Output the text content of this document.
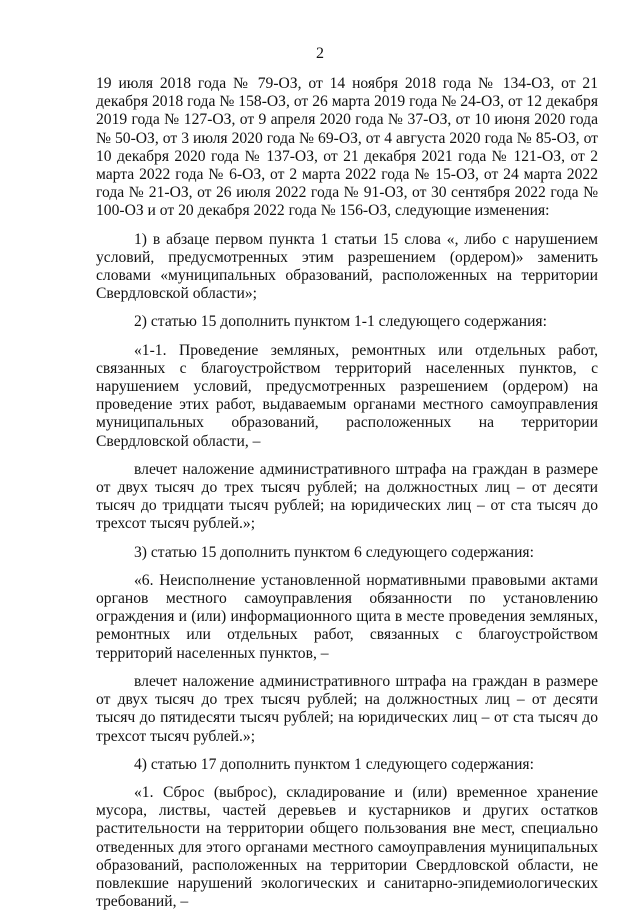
2

19 июля 2018 года № 79-ОЗ, от 14 ноября 2018 года № 134-ОЗ, от 21 декабря 2018 года № 158-ОЗ, от 26 марта 2019 года № 24-ОЗ, от 12 декабря 2019 года № 127-ОЗ, от 9 апреля 2020 года № 37-ОЗ, от 10 июня 2020 года № 50-ОЗ, от 3 июля 2020 года № 69-ОЗ, от 4 августа 2020 года № 85-ОЗ, от 10 декабря 2020 года № 137-ОЗ, от 21 декабря 2021 года № 121-ОЗ, от 2 марта 2022 года № 6-ОЗ, от 2 марта 2022 года № 15-ОЗ, от 24 марта 2022 года № 21-ОЗ, от 26 июля 2022 года № 91-ОЗ, от 30 сентября 2022 года № 100-ОЗ и от 20 декабря 2022 года № 156-ОЗ, следующие изменения:

1) в абзаце первом пункта 1 статьи 15 слова «, либо с нарушением условий, предусмотренных этим разрешением (ордером)» заменить словами «муниципальных образований, расположенных на территории Свердловской области»;

2) статью 15 дополнить пунктом 1-1 следующего содержания:

«1-1. Проведение земляных, ремонтных или отдельных работ, связанных с благоустройством территорий населенных пунктов, с нарушением условий, предусмотренных разрешением (ордером) на проведение этих работ, выдаваемым органами местного самоуправления муниципальных образований, расположенных на территории Свердловской области, –

влечет наложение административного штрафа на граждан в размере от двух тысяч до трех тысяч рублей; на должностных лиц – от десяти тысяч до тридцати тысяч рублей; на юридических лиц – от ста тысяч до трехсот тысяч рублей.»;

3) статью 15 дополнить пунктом 6 следующего содержания:

«6. Неисполнение установленной нормативными правовыми актами органов местного самоуправления обязанности по установлению ограждения и (или) информационного щита в месте проведения земляных, ремонтных или отдельных работ, связанных с благоустройством территорий населенных пунктов, –

влечет наложение административного штрафа на граждан в размере от двух тысяч до трех тысяч рублей; на должностных лиц – от десяти тысяч до пятидесяти тысяч рублей; на юридических лиц – от ста тысяч до трехсот тысяч рублей.»;

4) статью 17 дополнить пунктом 1 следующего содержания:

«1. Сброс (выброс), складирование и (или) временное хранение мусора, листвы, частей деревьев и кустарников и других остатков растительности на территории общего пользования вне мест, специально отведенных для этого органами местного самоуправления муниципальных образований, расположенных на территории Свердловской области, не повлекшие нарушений экологических и санитарно-эпидемиологических требований, –
